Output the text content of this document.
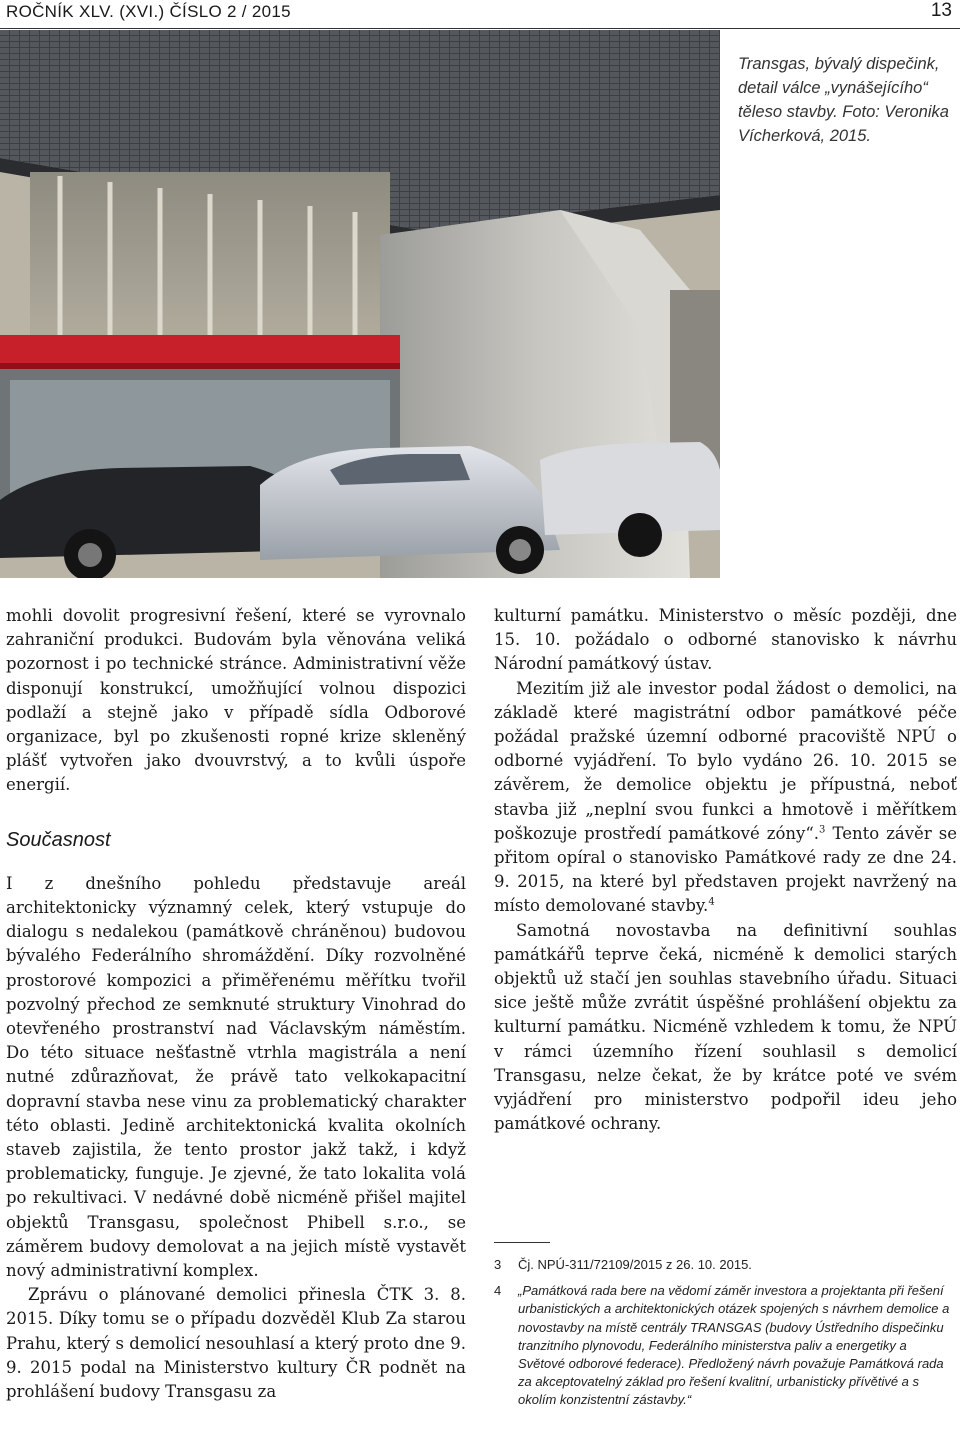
ROČNÍK XLV. (XVI.) ČÍSLO 2 / 2015	13
Transgas, bývalý dispečink, detail válce „vynášejícího“ těleso stavby. Foto: Veronika Vícherková, 2015.

mohli dovolit progresivní řešení, které se vyrovnalo zahraniční produkci. Budovám byla věnována veliká pozornost i po technické stránce. Administrativní věže disponují konstrukcí, umožňující volnou dispozici podlaží a stejně jako v případě sídla Odborové organizace, byl po zkušenosti ropné krize skleněný plášť vytvořen jako dvouvrstvý, a to kvůli úspoře energií.

Současnost

I z dnešního pohledu představuje areál architektonicky významný celek, který vstupuje do dialogu s nedalekou (památkově chráněnou) budovou bývalého Federálního shromáždění. Díky rozvolněné prostorové kompozici a přiměřenému měřítku tvořil pozvolný přechod ze semknuté struktury Vinohrad do otevřeného prostranství nad Václavským náměstím. Do této situace nešťastně vtrhla magistrála a není nutné zdůrazňovat, že právě tato velkokapacitní dopravní stavba nese vinu za problematický charakter této oblasti. Jedině architektonická kvalita okolních staveb zajistila, že tento prostor jakž takž, i když problematicky, funguje. Je zjevné, že tato lokalita volá po rekultivaci. V nedávné době nicméně přišel majitel objektů Transgasu, společnost Phibell s.r.o., se záměrem budovy demolovat a na jejich místě vystavět nový administrativní komplex.

Zprávu o plánované demolici přinesla ČTK 3. 8. 2015. Díky tomu se o případu dozvěděl Klub Za starou Prahu, který s demolicí nesouhlasí a který proto dne 9. 9. 2015 podal na Ministerstvo kultury ČR podnět na prohlášení budovy Transgasu za

kulturní památku. Ministerstvo o měsíc později, dne 15. 10. požádalo o odborné stanovisko k návrhu Národní památkový ústav.

Mezitím již ale investor podal žádost o demolici, na základě které magistrátní odbor památkové péče požádal pražské územní odborné pracoviště NPÚ o odborné vyjádření. To bylo vydáno 26. 10. 2015 se závěrem, že demolice objektu je přípustná, neboť stavba již „neplní svou funkci a hmotově i měřítkem poškozuje prostředí památkové zóny“.$^3$ Tento závěr se přitom opíral o stanovisko Památkové rady ze dne 24. 9. 2015, na které byl představen projekt navržený na místo demolované stavby.$^4$

Samotná novostavba na definitivní souhlas památkářů teprve čeká, nicméně k demolici starých objektů už stačí jen souhlas stavebního úřadu. Situaci sice ještě může zvrátit úspěšné prohlášení objektu za kulturní památku. Nicméně vzhledem k tomu, že NPÚ v rámci územního řízení souhlasil s demolicí Transgasu, nelze čekat, že by krátce poté ve svém vyjádření pro ministerstvo podpořil ideu jeho památkové ochrany.

3	Čj. NPÚ-311/72109/2015 z 26. 10. 2015.
4	„Památková rada bere na vědomí záměr investora a projektanta při řešení urbanistických a architektonických otázek spojených s návrhem demolice a novostavby na místě centrály TRANSGAS (budovy Ústředního dispečinku tranzitního plynovodu, Federálního ministerstva paliv a energetiky a Světové odborové federace). Předložený návrh považuje Památková rada za akceptovatelný základ pro řešení kvalitní, urbanisticky přívětivé a s okolím konzistentní zástavby.“
